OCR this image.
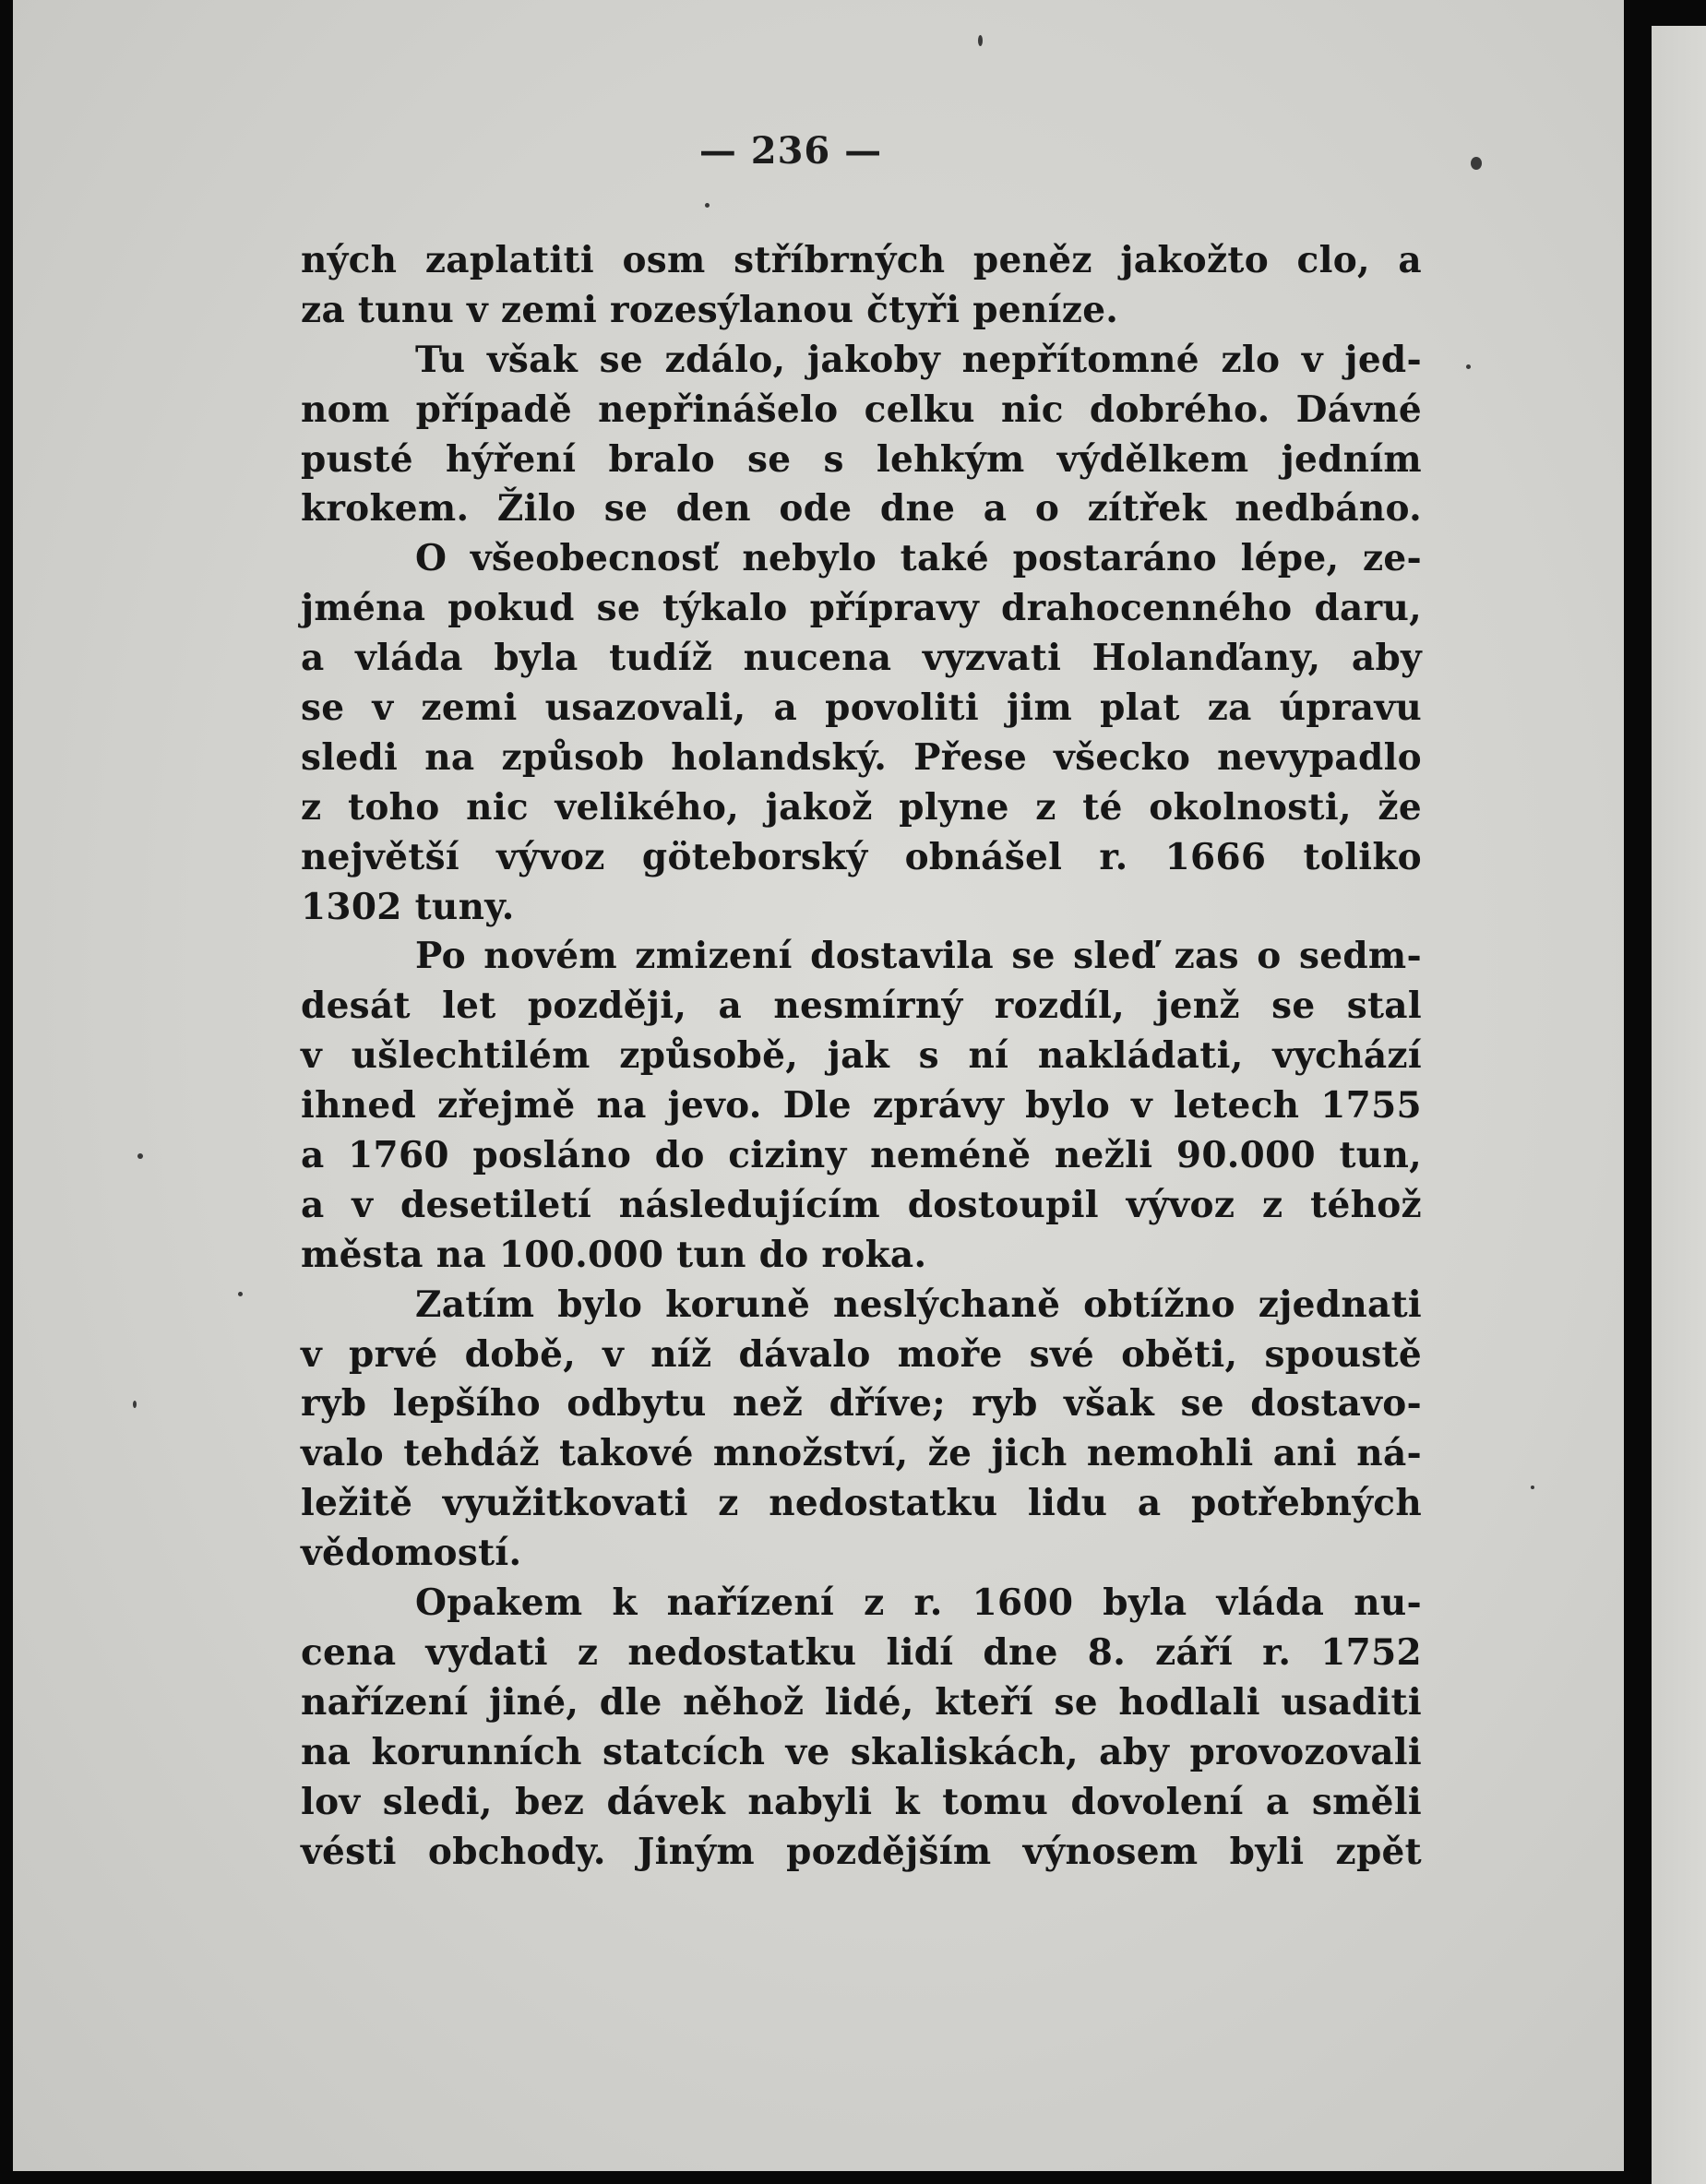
— 236 —
ných zaplatiti osm stříbrných peněz jakožto clo, a
za tunu v zemi rozesýlanou čtyři peníze.
Tu však se zdálo, jakoby nepřítomné zlo v jed-
nom případě nepřinášelo celku nic dobrého. Dávné
pusté hýření bralo se s lehkým výdělkem jedním
krokem. Žilo se den ode dne a o zítřek nedbáno.
O všeobecnosť nebylo také postaráno lépe, ze-
jména pokud se týkalo přípravy drahocenného daru,
a vláda byla tudíž nucena vyzvati Holanďany, aby
se v zemi usazovali, a povoliti jim plat za úpravu
sledi na způsob holandský. Přese všecko nevypadlo
z toho nic velikého, jakož plyne z té okolnosti, že
největší vývoz göteborský obnášel r. 1666 toliko
1302 tuny.
Po novém zmizení dostavila se sleď zas o sedm-
desát let později, a nesmírný rozdíl, jenž se stal
v ušlechtilém způsobě, jak s ní nakládati, vychází
ihned zřejmě na jevo. Dle zprávy bylo v letech 1755
a 1760 posláno do ciziny neméně nežli 90.000 tun,
a v desetiletí následujícím dostoupil vývoz z téhož
města na 100.000 tun do roka.
Zatím bylo koruně neslýchaně obtížno zjednati
v prvé době, v níž dávalo moře své oběti, spoustě
ryb lepšího odbytu než dříve; ryb však se dostavo-
valo tehdáž takové množství, že jich nemohli ani ná-
ležitě využitkovati z nedostatku lidu a potřebných
vědomostí.
Opakem k nařízení z r. 1600 byla vláda nu-
cena vydati z nedostatku lidí dne 8. září r. 1752
nařízení jiné, dle něhož lidé, kteří se hodlali usaditi
na korunních statcích ve skaliskách, aby provozovali
lov sledi, bez dávek nabyli k tomu dovolení a směli
vésti obchody. Jiným pozdějším výnosem byli zpět
